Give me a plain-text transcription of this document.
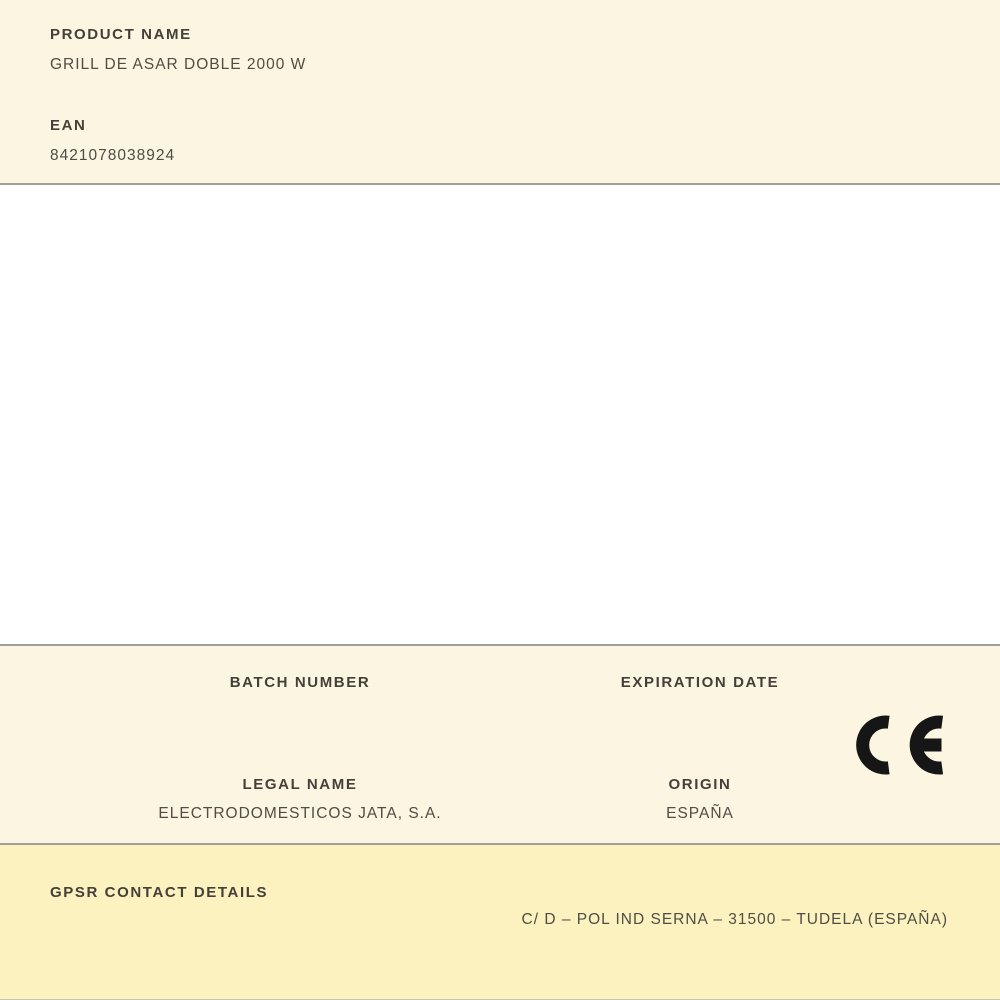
PRODUCT NAME
GRILL DE ASAR DOBLE 2000 W
EAN
8421078038924
BATCH NUMBER	EXPIRATION DATE
LEGAL NAME
ELECTRODOMESTICOS JATA, S.A.
ORIGIN
ESPAÑA
GPSR CONTACT DETAILS
C/ D – POL IND SERNA – 31500 – TUDELA (ESPAÑA)
